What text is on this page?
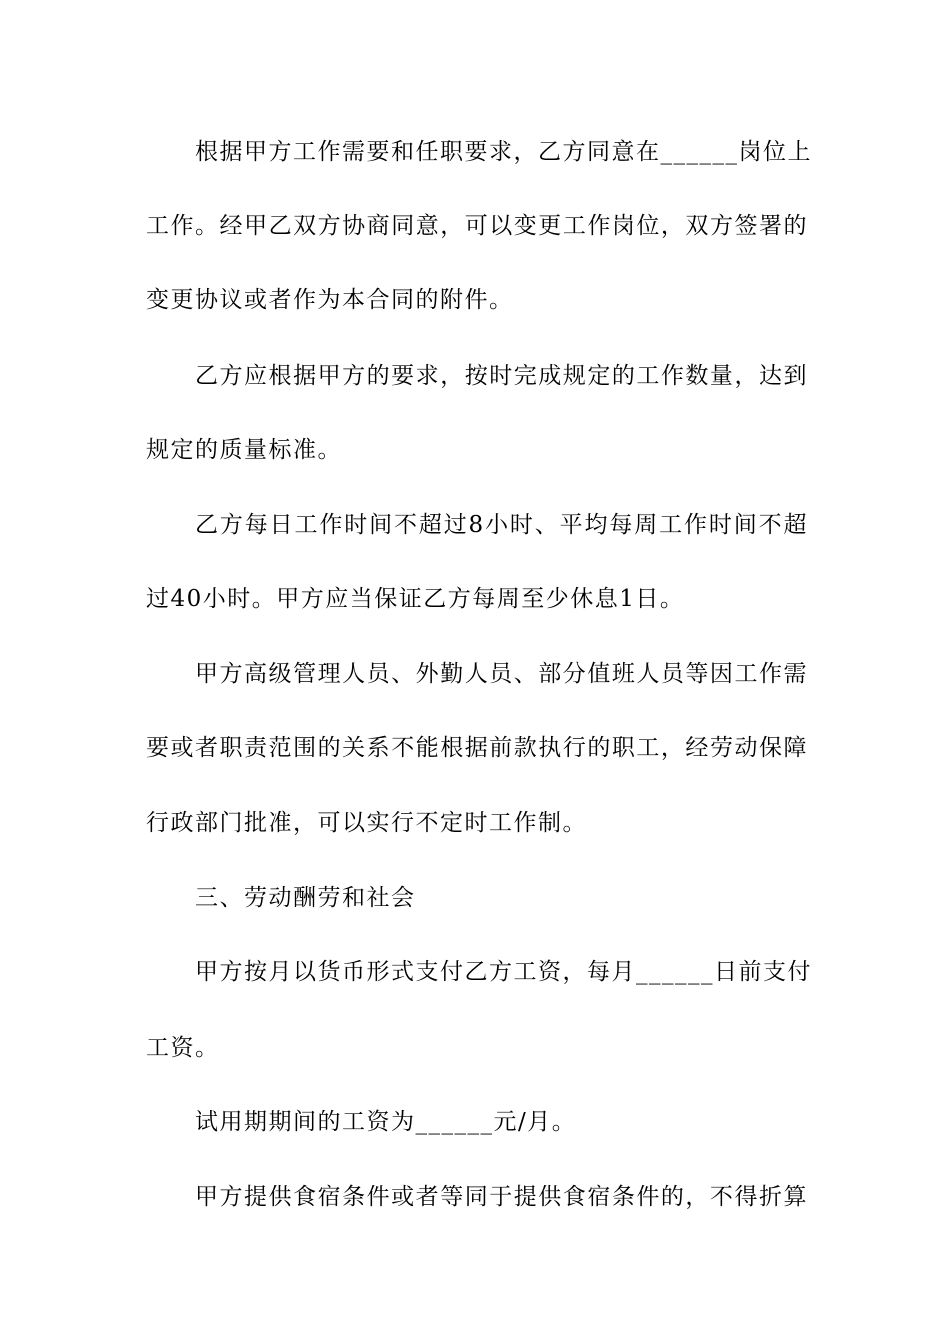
根据甲方工作需要和任职要求，乙方同意在______岗位上
工作。经甲乙双方协商同意，可以变更工作岗位，双方签署的
变更协议或者作为本合同的附件。
乙方应根据甲方的要求，按时完成规定的工作数量，达到
规定的质量标准。
乙方每日工作时间不超过8小时、平均每周工作时间不超
过40小时。甲方应当保证乙方每周至少休息1日。
甲方高级管理人员、外勤人员、部分值班人员等因工作需
要或者职责范围的关系不能根据前款执行的职工，经劳动保障
行政部门批准，可以实行不定时工作制。
三、劳动酬劳和社会
甲方按月以货币形式支付乙方工资，每月______日前支付
工资。
试用期期间的工资为______元/月。
甲方提供食宿条件或者等同于提供食宿条件的，不得折算
